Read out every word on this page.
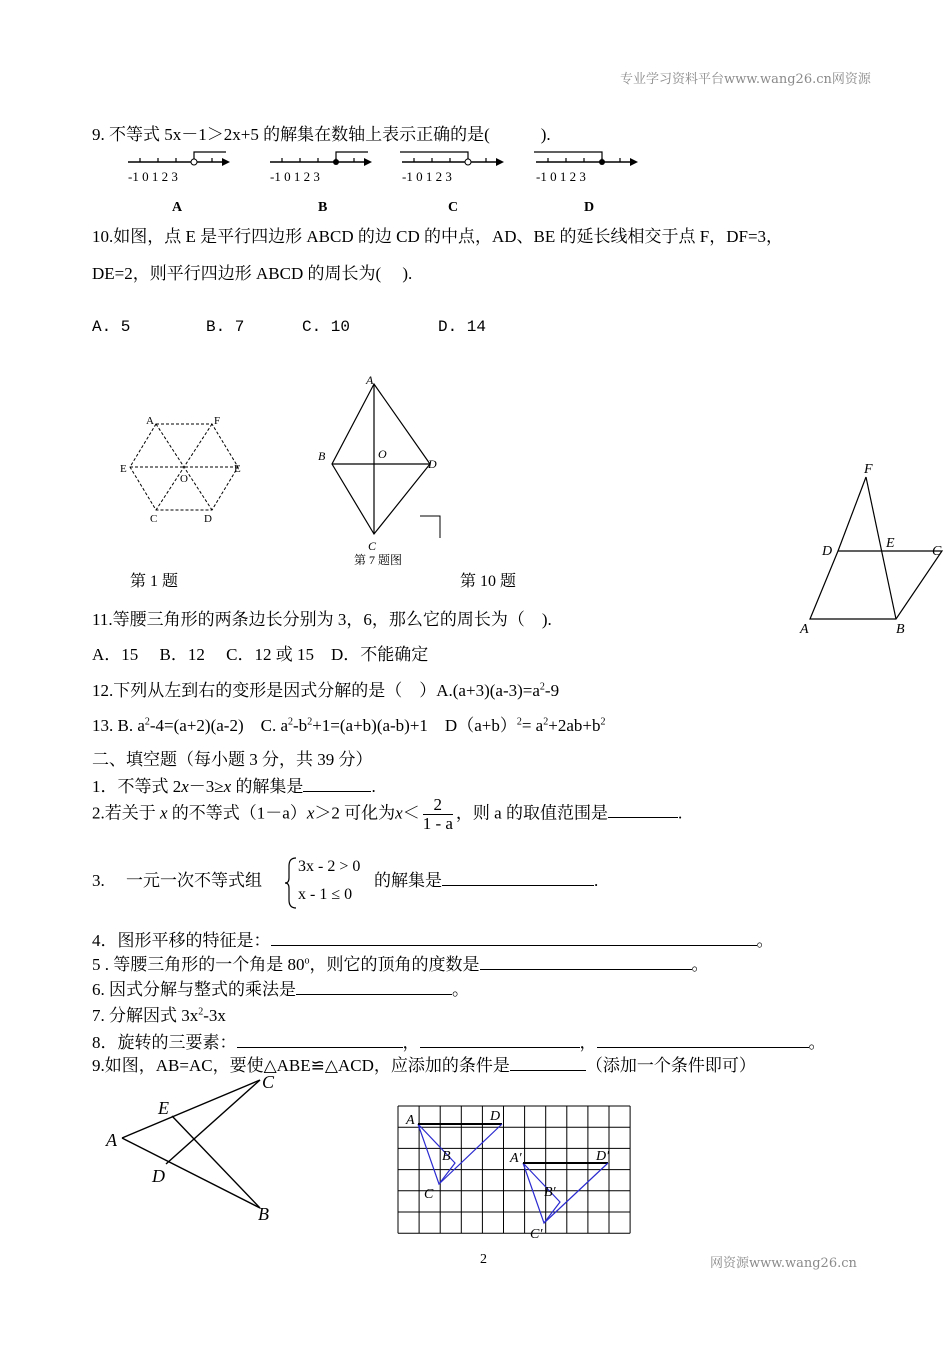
专业学习资料平台www.wang26.cn网资源
9. 不等式 5x－1＞2x+5 的解集在数轴上表示正确的是(　　　).
-1 0 1 2 3
A
-1 0 1 2 3
B
-1 0 1 2 3
C
-1 0 1 2 3
D
10.如图，点 E 是平行四边形 ABCD 的边 CD 的中点，AD、BE 的延长线相交于点 F，DF=3，
DE=2，则平行四边形 ABCD 的周长为(　 ).
A. 5	B. 7	C. 10	D. 14
A	F
E
O
E
C	D
A
B	O
D
C
第 7 题图
F
D
E
C
A	B
第 1 题	第 10 题
11.等腰三角形的两条边长分别为 3，6，那么它的周长为（　).
A．15　 B．12　 C．12 或 15　D．不能确定
12.下列从左到右的变形是因式分解的是（　）$A.(a+3)(a-3)=a^2-9$
13. B. $a^2-4=(a+2)(a-2)$　C. $a^2-b^2+1=(a+b)(a-b)+1$　$D(a+b)^2= a^2+2ab+b^2$
二、填空题（每小题 3 分，共 39 分）
1．不等式 2x－3≥x 的解集是	.
2.若关于 x 的不等式（1－a）x＞2 可化为$x< \frac{2}{1 - a}$ ，则 a 的取值范围是	.
3.　 一元一次不等式组
3x - 2 > 0
x - 1 ≤ 0
的解集是	.
4．图形平移的特征是：	。
5 . 等腰三角形的一个角是 80$^o$，则它的顶角的度数是	。
6. 因式分解与整式的乘法是	。
7. 分解因式 $3x^2-3x$
8．旋转的三要素：	，	，	。
9.如图，AB=AC，要使△ABE≌△ACD，应添加的条件是	（添加一个条件即可）
C
E
A
D
B
A	D
B
C
A′	D′
B′
C′
2	网资源www.wang26.cn
